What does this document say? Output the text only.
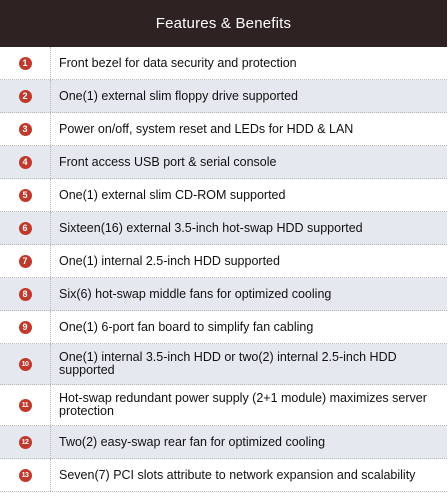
Features & Benefits
1	Front bezel for data security and protection
2	One(1) external slim floppy drive supported
3	Power on/off, system reset and LEDs for HDD & LAN
4	Front access USB port & serial console
5	One(1) external slim CD-ROM supported
6	Sixteen(16) external 3.5-inch hot-swap HDD supported
7	One(1) internal 2.5-inch HDD supported
8	Six(6) hot-swap middle fans for optimized cooling
9	One(1) 6-port fan board to simplify fan cabling
10	One(1) internal 3.5-inch HDD or two(2) internal 2.5-inch HDD supported
11	Hot-swap redundant power supply (2+1 module) maximizes server protection
12	Two(2) easy-swap rear fan for optimized cooling
13	Seven(7) PCI slots attribute to network expansion and scalability
